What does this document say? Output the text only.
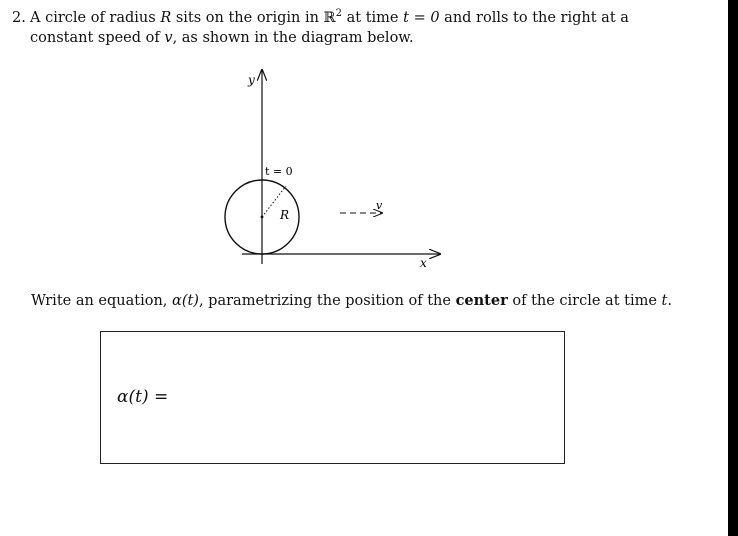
2. A circle of radius R sits on the origin in ℝ$^2$ at time t = 0 and rolls to the right at a
constant speed of v, as shown in the diagram below.
y
x
t = 0
R
v
Write an equation, α(t), parametrizing the position of the center of the circle at time t.
α(t) =
